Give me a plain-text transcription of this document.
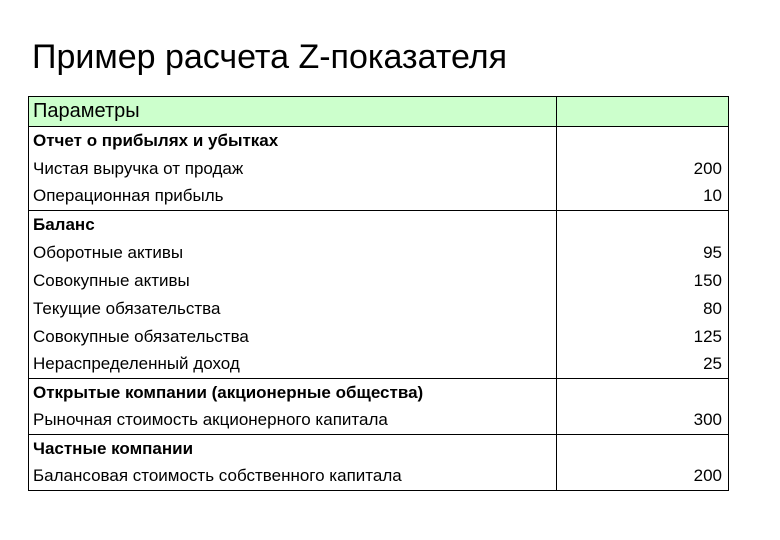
Пример расчета Z-показателя
Параметры	
Отчет о прибылях и убытках	
Чистая выручка от продаж	200
Операционная прибыль	10
Баланс	
Оборотные активы	95
Совокупные активы	150
Текущие обязательства	80
Совокупные обязательства	125
Нераспределенный доход	25
Открытые компании (акционерные общества)	
Рыночная стоимость акционерного капитала	300
Частные компании	
Балансовая стоимость собственного капитала	200
